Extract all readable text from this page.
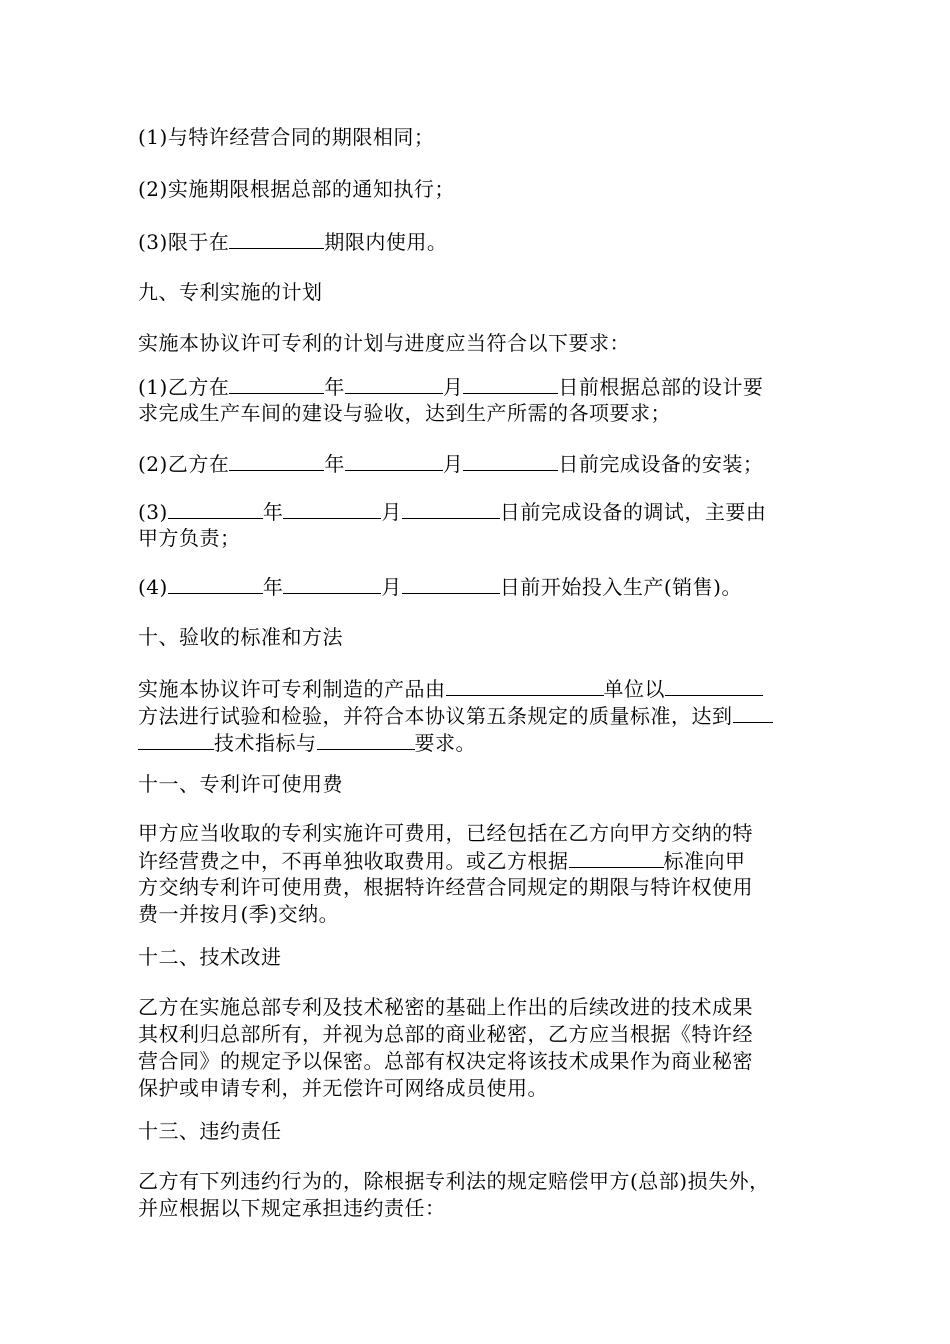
(1)与特许经营合同的期限相同；
(2)实施期限根据总部的通知执行；
(3)限于在	期限内使用。
九、专利实施的计划
实施本协议许可专利的计划与进度应当符合以下要求：
(1)乙方在	年	月	日前根据总部的设计要
求完成生产车间的建设与验收，达到生产所需的各项要求；
(2)乙方在	年	月	日前完成设备的安装；
(3)	年	月	日前完成设备的调试，主要由
甲方负责；
(4)	年	月	日前开始投入生产(销售)。
十、验收的标准和方法
实施本协议许可专利制造的产品由	单位以
方法进行试验和检验，并符合本协议第五条规定的质量标准，达到
技术指标与	要求。
十一、专利许可使用费
甲方应当收取的专利实施许可费用，已经包括在乙方向甲方交纳的特
许经营费之中，不再单独收取费用。或乙方根据	标准向甲
方交纳专利许可使用费，根据特许经营合同规定的期限与特许权使用
费一并按月(季)交纳。
十二、技术改进
乙方在实施总部专利及技术秘密的基础上作出的后续改进的技术成果
其权利归总部所有，并视为总部的商业秘密，乙方应当根据《特许经
营合同》的规定予以保密。总部有权决定将该技术成果作为商业秘密
保护或申请专利，并无偿许可网络成员使用。
十三、违约责任
乙方有下列违约行为的，除根据专利法的规定赔偿甲方(总部)损失外，
并应根据以下规定承担违约责任：
